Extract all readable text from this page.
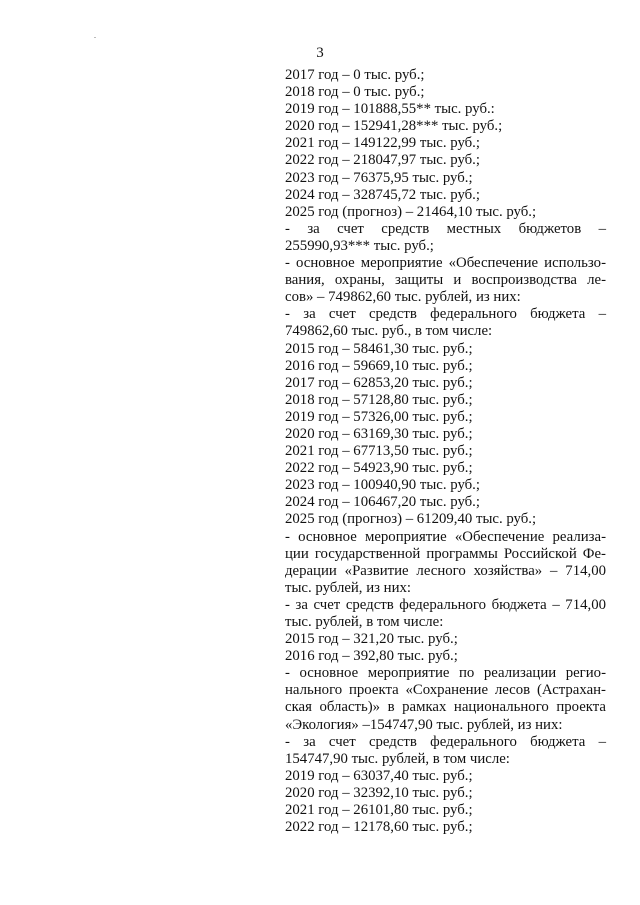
3
2017 год – 0 тыс. руб.;
2018 год – 0 тыс. руб.;
2019 год – 101888,55** тыс. руб.:
2020 год – 152941,28*** тыс. руб.;
2021 год – 149122,99 тыс. руб.;
2022 год – 218047,97 тыс. руб.;
2023 год – 76375,95 тыс. руб.;
2024 год – 328745,72 тыс. руб.;
2025 год (прогноз) – 21464,10 тыс. руб.;
- за счет средств местных бюджетов –
255990,93*** тыс. руб.;
- основное мероприятие «Обеспечение использо-
вания, охраны, защиты и воспроизводства ле-
сов» – 749862,60 тыс. рублей, из них:
- за счет средств федерального бюджета –
749862,60 тыс. руб., в том числе:
2015 год – 58461,30 тыс. руб.;
2016 год – 59669,10 тыс. руб.;
2017 год – 62853,20 тыс. руб.;
2018 год – 57128,80 тыс. руб.;
2019 год – 57326,00 тыс. руб.;
2020 год – 63169,30 тыс. руб.;
2021 год – 67713,50 тыс. руб.;
2022 год – 54923,90 тыс. руб.;
2023 год – 100940,90 тыс. руб.;
2024 год – 106467,20 тыс. руб.;
2025 год (прогноз) – 61209,40 тыс. руб.;
- основное мероприятие «Обеспечение реализа-
ции государственной программы Российской Фе-
дерации «Развитие лесного хозяйства» – 714,00
тыс. рублей, из них:
- за счет средств федерального бюджета – 714,00
тыс. рублей, в том числе:
2015 год – 321,20 тыс. руб.;
2016 год – 392,80 тыс. руб.;
- основное мероприятие по реализации регио-
нального проекта «Сохранение лесов (Астрахан-
ская область)» в рамках национального проекта
«Экология» –154747,90 тыс. рублей, из них:
- за счет средств федерального бюджета –
154747,90 тыс. рублей, в том числе:
2019 год – 63037,40 тыс. руб.;
2020 год – 32392,10 тыс. руб.;
2021 год – 26101,80 тыс. руб.;
2022 год – 12178,60 тыс. руб.;
